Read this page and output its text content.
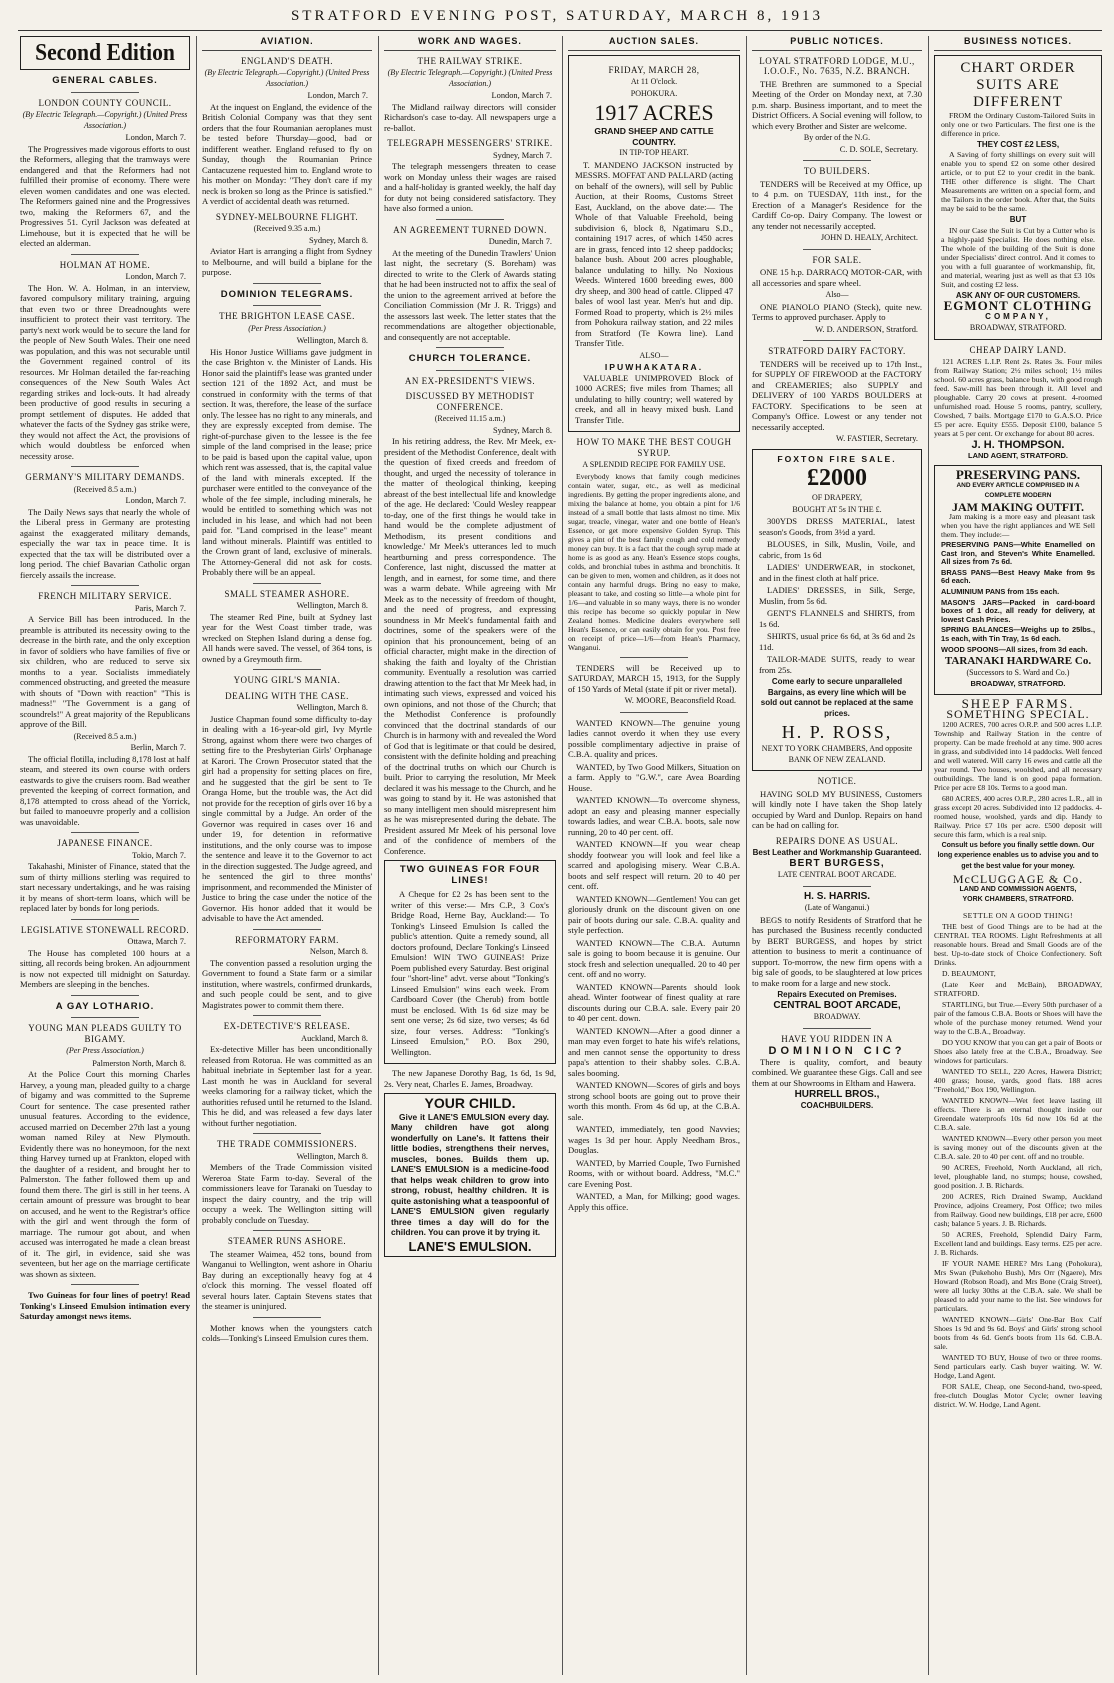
STRATFORD EVENING POST, SATURDAY, MARCH 8, 1913
Second Edition
GENERAL CABLES.
LONDON COUNTY COUNCIL.
(By Electric Telegraph.—Copyright.) (United Press Association.)
London, March 7.

The Progressives made vigorous efforts to oust the Reformers, alleging that the tramways were endangered and that the Reformers had not fulfilled their promise of economy. There were eleven women candidates and one was elected. The Reformers gained nine and the Progressives two, making the Reformers 67, and the Progressives 51. Cyril Jackson was defeated at Limehouse, but it is expected that he will be elected an alderman.

HOLMAN AT HOME.
London, March 7.

The Hon. W. A. Holman, in an interview, favored compulsory military training, arguing that even two or three Dreadnoughts were insufficient to protect their vast territory. The party's next work would be to secure the land for the people of New South Wales. Their one need was population, and this was not securable until the Government regained control of its resources. Mr Holman detailed the far-reaching consequences of the New South Wales Act regarding strikes and lock-outs. It had already been productive of good results in securing a prompt settlement of disputes. He added that whatever the facts of the Sydney gas strike were, they would not affect the Act, the provisions of which would doubtless be enforced when necessity arose.

GERMANY'S MILITARY DEMANDS.
(Received 8.5 a.m.)
London, March 7.

The Daily News says that nearly the whole of the Liberal press in Germany are protesting against the exaggerated military demands, especially the war tax in peace time. It is expected that the tax will be distributed over a long period. The chief Bavarian Catholic organ fiercely assails the increase.

FRENCH MILITARY SERVICE.
Paris, March 7.

A Service Bill has been introduced. In the preamble is attributed its necessity owing to the decrease in the birth rate, and the only exception in favor of soldiers who have families of five or six children, who are reduced to serve six months to a year. Socialists immediately commenced obstructing, and greeted the measure with shouts of "Down with reaction" "This is madness!" "The Government is a gang of scoundrels!" A great majority of the Republicans approve of the Bill.

(Received 8.5 a.m.)
Berlin, March 7.

The official flotilla, including 8,178 lost at half steam, and steered its own course with orders eastwards to give the cruisers room. Bad weather prevented the keeping of correct formation, and 8,178 attempted to cross ahead of the Yorrick, but failed to manoeuvre properly and a collision was unavoidable.

JAPANESE FINANCE.
Tokio, March 7.

Takahashi, Minister of Finance, stated that the sum of thirty millions sterling was required to start necessary undertakings, and he was raising it by means of short-term loans, which will be replaced later by bonds for long periods.

LEGISLATIVE STONEWALL RECORD.
Ottawa, March 7.

The House has completed 100 hours at a sitting, all records being broken. An adjournment is now not expected till midnight on Saturday. Members are sleeping in the benches.

A GAY LOTHARIO.
YOUNG MAN PLEADS GUILTY TO BIGAMY.
(Per Press Association.)
Palmerston North, March 8.

At the Police Court this morning Charles Harvey, a young man, pleaded guilty to a charge of bigamy and was committed to the Supreme Court for sentence. The case presented rather unusual features. According to the evidence, accused married on December 27th last a young woman named Riley at New Plymouth. Evidently there was no honeymoon, for the next thing Harvey turned up at Frankton, eloped with the daughter of a resident, and brought her to Palmerston. The father followed them up and found them there. The girl is still in her teens. A certain amount of pressure was brought to bear on accused, and he went to the Registrar's office with the girl and went through the form of marriage. The rumour got about, and when accused was interrogated he made a clean breast of it. The girl, in evidence, said she was seventeen, but her age on the marriage certificate was shown as sixteen.

Two Guineas for four lines of poetry! Read Tonking's Linseed Emulsion intimation every Saturday amongst news items.

AVIATION.
ENGLAND'S DEATH.
(By Electric Telegraph.—Copyright.) (United Press Association.)
London, March 7.

At the inquest on England, the evidence of the British Colonial Company was that they sent orders that the four Roumanian aeroplanes must be tested before Thursday—good, bad or indifferent weather. England refused to fly on Sunday, though the Roumanian Prince Cantacuzene requested him to. England wrote to his mother on Monday: "They don't care if my neck is broken so long as the Prince is satisfied." A verdict of accidental death was returned.

SYDNEY-MELBOURNE FLIGHT.
(Received 9.35 a.m.)
Sydney, March 8.

Aviator Hart is arranging a flight from Sydney to Melbourne, and will build a biplane for the purpose.

DOMINION TELEGRAMS.
THE BRIGHTON LEASE CASE.
(Per Press Association.)
Wellington, March 8.

His Honor Justice Williams gave judgment in the case Brighton v. the Minister of Lands. His Honor said the plaintiff's lease was granted under section 121 of the 1892 Act, and must be construed in conformity with the terms of that section. It was, therefore, the lease of the surface only. The lessee has no right to any minerals, and they are expressly excepted from demise. The right-of-purchase given to the lessee is the fee simple of the land comprised in the lease; price to be paid is based upon the capital value, upon which rent was assessed, that is, the capital value of the land with minerals excepted. If the purchaser were entitled to the conveyance of the whole of the fee simple, including minerals, he would be entitled to something which was not included in his lease, and which had not been paid for. "Land comprised in the lease" meant land without minerals. Plaintiff was entitled to the Crown grant of land, exclusive of minerals. The Attorney-General did not ask for costs. Probably there will be an appeal.

SMALL STEAMER ASHORE.
Wellington, March 8.

The steamer Red Pine, built at Sydney last year for the West Coast timber trade, was wrecked on Stephen Island during a dense fog. All hands were saved. The vessel, of 364 tons, is owned by a Greymouth firm.

YOUNG GIRL'S MANIA.
DEALING WITH THE CASE.
Wellington, March 8.

Justice Chapman found some difficulty to-day in dealing with a 16-year-old girl, Ivy Myrtle Strong, against whom there were two charges of setting fire to the Presbyterian Girls' Orphanage at Karori. The Crown Prosecutor stated that the girl had a propensity for setting places on fire, and he suggested that the girl be sent to Te Oranga Home, but the trouble was, the Act did not provide for the reception of girls over 16 by a single committal by a Judge. An order of the Governor was required in cases over 16 and under 19, for detention in reformative institutions, and the only course was to impose the sentence and leave it to the Governor to act in the direction suggested. The Judge agreed, and he sentenced the girl to three months' imprisonment, and recommended the Minister of Justice to bring the case under the notice of the Governor. His honor added that it would be advisable to have the Act amended.

REFORMATORY FARM.
Nelson, March 8.

The convention passed a resolution urging the Government to found a State farm or a similar institution, where wastrels, confirmed drunkards, and such people could be sent, and to give Magistrates power to commit them there.

EX-DETECTIVE'S RELEASE.
Auckland, March 8.

Ex-detective Miller has been unconditionally released from Rotorua. He was committed as an habitual inebriate in September last for a year. Last month he was in Auckland for several weeks clamoring for a railway ticket, which the authorities refused until he returned to the Island. This he did, and was released a few days later without further negotiation.

THE TRADE COMMISSIONERS.
Wellington, March 8.

Members of the Trade Commission visited Wereroa State Farm to-day. Several of the commissioners leave for Taranaki on Tuesday to inspect the dairy country, and the trip will occupy a week. The Wellington sitting will probably conclude on Tuesday.

STEAMER RUNS ASHORE.

The steamer Waimea, 452 tons, bound from Wanganui to Wellington, went ashore in Ohariu Bay during an exceptionally heavy fog at 4 o'clock this morning. The vessel floated off several hours later. Captain Stevens states that the steamer is uninjured.

Mother knows when the youngsters catch colds—Tonking's Linseed Emulsion cures them.

WORK AND WAGES.
THE RAILWAY STRIKE.
(By Electric Telegraph.—Copyright.) (United Press Association.)
London, March 7.

The Midland railway directors will consider Richardson's case to-day. All newspapers urge a re-ballot.

TELEGRAPH MESSENGERS' STRIKE.
Sydney, March 7.

The telegraph messengers threaten to cease work on Monday unless their wages are raised and a half-holiday is granted weekly, the half day for duty not being considered satisfactory. They have also formed a union.

AN AGREEMENT TURNED DOWN.
Dunedin, March 7.

At the meeting of the Dunedin Trawlers' Union last night, the secretary (S. Boreham) was directed to write to the Clerk of Awards stating that he had been instructed not to affix the seal of the union to the agreement arrived at before the Conciliation Commission (Mr J. R. Triggs) and the assessors last week. The letter states that the recommendations are altogether objectionable, and consequently are not acceptable.

CHURCH TOLERANCE.
AN EX-PRESIDENT'S VIEWS.
DISCUSSED BY METHODIST CONFERENCE.
(Received 11.15 a.m.)
Sydney, March 8.

In his retiring address, the Rev. Mr Meek, ex-president of the Methodist Conference, dealt with the question of fixed creeds and freedom of thought, and urged the necessity of tolerance in the matter of theological thinking, keeping abreast of the best intellectual life and knowledge of the age. He declared: 'Could Wesley reappear to-day, one of the first things he would take in hand would be the complete adjustment of Methodism, its present conditions and knowledge.' Mr Meek's utterances led to much heartburning and press correspondence. The Conference, last night, discussed the matter at length, and in earnest, for some time, and there was a warm debate. While agreeing with Mr Meek as to the necessity of freedom of thought, and the need of progress, and expressing soundness in Mr Meek's fundamental faith and doctrines, some of the speakers were of the opinion that his pronouncement, being of an official character, might make in the direction of shaking the faith and loyalty of the Christian community. Eventually a resolution was carried drawing attention to the fact that Mr Meek had, in intimating such views, expressed and voiced his own opinions, and not those of the Church; that the Methodist Conference is profoundly convinced that the doctrinal standards of our Church is in harmony with and revealed the Word of God that is legitimate or that could be desired, consistent with the definite holding and preaching of the doctrinal truths on which our Church is built. Prior to carrying the resolution, Mr Meek declared it was his message to the Church, and he was going to stand by it. He was astonished that so many intelligent men should misrepresent him as he was misrepresented during the debate. The President assured Mr Meek of his personal love and of the confidence of members of the Conference.

TWO GUINEAS FOR FOUR LINES!

A Cheque for £2 2s has been sent to the writer of this verse:— Mrs C.P., 3 Cox's Bridge Road, Herne Bay, Auckland:— To Tonking's Linseed Emulsion Is called the public's attention. Quite a remedy sound, all doctors profound, Declare Tonking's Linseed Emulsion! WIN TWO GUINEAS! Prize Poem published every Saturday. Best original four "short-line" advt. verse about "Tonking's Linseed Emulsion" wins each week. From Cardboard Cover (the Cherub) from bottle must be enclosed. With 1s 6d size may be sent one verse; 2s 6d size, two verses; 4s 6d size, four verses. Address: "Tonking's Linseed Emulsion," P.O. Box 290, Wellington.

The new Japanese Dorothy Bag, 1s 6d, 1s 9d, 2s. Very neat, Charles E. James, Broadway.

YOUR CHILD.

Give it LANE'S EMULSION every day. Many children have got along wonderfully on Lane's. It fattens their little bodies, strengthens their nerves, muscles, bones. Builds them up. LANE'S EMULSION is a medicine-food that helps weak children to grow into strong, robust, healthy children. It is quite astonishing what a teaspoonful of LANE'S EMULSION given regularly three times a day will do for the children. You can prove it by trying it.

LANE'S EMULSION.
AUCTION SALES.
FRIDAY, MARCH 28,
At 11 O'clock.
POHOKURA.
1917 ACRES
GRAND SHEEP AND CATTLE COUNTRY.
IN TIP-TOP HEART.

T. MANDENO JACKSON instructed by MESSRS. MOFFAT AND PALLARD (acting on behalf of the owners), will sell by Public Auction, at their Rooms, Customs Street East, Auckland, on the above date:— The Whole of that Valuable Freehold, being subdivision 6, block 8, Ngatimaru S.D., containing 1917 acres, of which 1450 acres are in grass, fenced into 12 sheep paddocks; balance bush. About 200 acres ploughable, balance undulating to hilly. No Noxious Weeds. Wintered 1600 breeding ewes, 800 dry sheep, and 300 head of cattle. Clipped 47 bales of wool last year. Men's hut and dip. Formed Road to property, which is 2½ miles from Pohokura railway station, and 22 miles from Stratford (Te Kowra line). Land Transfer Title.

ALSO—
IPUWHAKATARA.

VALUABLE UNIMPROVED Block of 1000 ACRES; five miles from Thames; all undulating to hilly country; well watered by creek, and all in heavy mixed bush. Land Transfer Title.

HOW TO MAKE THE BEST COUGH SYRUP.
A SPLENDID RECIPE FOR FAMILY USE.

Everybody knows that family cough medicines contain water, sugar, etc., as well as medicinal ingredients. By getting the proper ingredients alone, and mixing the balance at home, you obtain a pint for 1/6 instead of a small bottle that lasts almost no time. Mix sugar, treacle, vinegar, water and one bottle of Hean's Essence, or get more expensive Golden Syrup. This gives a pint of the best family cough and cold remedy money can buy. It is a fact that the cough syrup made at home is as good as any. Hean's Essence stops coughs, colds, and bronchial tubes in asthma and bronchitis. It can be given to men, women and children, as it does not contain any harmful drugs. Bring no easy to make, pleasant to take, and costing so little—a whole pint for 1/6—and valuable in so many ways, there is no wonder this recipe has become so quickly popular in New Zealand homes. Medicine dealers everywhere sell Hean's Essence, or can easily obtain for you. Post free on receipt of price—1/6—from Hean's Pharmacy, Wanganui.

TENDERS will be Received up to SATURDAY, MARCH 15, 1913, for the Supply of 150 Yards of Metal (state if pit or river metal).

W. MOORE, Beaconsfield Road.

WANTED KNOWN—The genuine young ladies cannot overdo it when they use every possible complimentary adjective in praise of C.B.A. quality and prices.

WANTED, by Two Good Milkers, Situation on a farm. Apply to "G.W.", care Avea Boarding House.

WANTED KNOWN—To overcome shyness, adopt an easy and pleasing manner especially towards ladies, and wear C.B.A. boots, sale now running, 20 to 40 per cent. off.

WANTED KNOWN—If you wear cheap shoddy footwear you will look and feel like a scarred and apologising misery. Wear C.B.A. boots and self respect will return. 20 to 40 per cent. off.

WANTED KNOWN—Gentlemen! You can get gloriously drunk on the discount given on one pair of boots during our sale. C.B.A. quality and style perfection.

WANTED KNOWN—The C.B.A. Autumn sale is going to boom because it is genuine. Our stock fresh and selection unequalled. 20 to 40 per cent. off and no worry.

WANTED KNOWN—Parents should look ahead. Winter footwear of finest quality at rare discounts during our C.B.A. sale. Every pair 20 to 40 per cent. down.

WANTED KNOWN—After a good dinner a man may even forget to hate his wife's relations, and men cannot sense the opportunity to dress papa's attention to their shabby soles. C.B.A. sales booming.

WANTED KNOWN—Scores of girls and boys strong school boots are going out to prove their worth this month. From 4s 6d up, at the C.B.A. sale.

WANTED, immediately, ten good Navvies; wages 1s 3d per hour. Apply Needham Bros., Douglas.

WANTED, by Married Couple, Two Furnished Rooms, with or without board. Address, "M.C." care Evening Post.

WANTED, a Man, for Milking; good wages. Apply this office.

PUBLIC NOTICES.
LOYAL STRATFORD LODGE, M.U., I.O.O.F., No. 7635, N.Z. BRANCH.

THE Brethren are summoned to a Special Meeting of the Order on Monday next, at 7.30 p.m. sharp. Business important, and to meet the District Officers. A Social evening will follow, to which every Brother and Sister are welcome.

By order of the N.G.
C. D. SOLE, Secretary.
TO BUILDERS.

TENDERS will be Received at my Office, up to 4 p.m. on TUESDAY, 11th inst., for the Erection of a Manager's Residence for the Cardiff Co-op. Dairy Company. The lowest or any tender not necessarily accepted.

JOHN D. HEALY, Architect.
FOR SALE.

ONE 15 h.p. DARRACQ MOTOR-CAR, with all accessories and spare wheel.

Also—

ONE PIANOLO PIANO (Steck), quite new. Terms to approved purchaser. Apply to

W. D. ANDERSON, Stratford.
STRATFORD DAIRY FACTORY.

TENDERS will be received up to 17th Inst., for SUPPLY OF FIREWOOD at the FACTORY and CREAMERIES; also SUPPLY and DELIVERY of 100 YARDS BOULDERS at FACTORY. Specifications to be seen at Company's Office. Lowest or any tender not necessarily accepted.

W. FASTIER, Secretary.
FOXTON FIRE SALE.
£2000
OF DRAPERY,
BOUGHT AT 5s IN THE £.

300YDS DRESS MATERIAL, latest season's Goods, from 3½d a yard.

BLOUSES, in Silk, Muslin, Voile, and cabric, from 1s 6d

LADIES' UNDERWEAR, in stockonet, and in the finest cloth at half price.

LADIES' DRESSES, in Silk, Serge, Muslin, from 5s 6d.

GENT'S FLANNELS and SHIRTS, from 1s 6d.

SHIRTS, usual price 6s 6d, at 3s 6d and 2s 11d.

TAILOR-MADE SUITS, ready to wear from 25s.

Come early to secure unparalleled Bargains, as every line which will be sold out cannot be replaced at the same prices.

H. P. ROSS,
NEXT TO YORK CHAMBERS, And opposite BANK OF NEW ZEALAND.
NOTICE.

HAVING SOLD MY BUSINESS, Customers will kindly note I have taken the Shop lately occupied by Ward and Dunlop. Repairs on hand can be had on calling for.

REPAIRS DONE AS USUAL.
Best Leather and Workmanship Guaranteed.
BERT BURGESS,
LATE CENTRAL BOOT ARCADE.
H. S. HARRIS.
(Late of Wanganui.)

BEGS to notify Residents of Stratford that he has purchased the Business recently conducted by BERT BURGESS, and hopes by strict attention to business to merit a continuance of support. To-morrow, the new firm opens with a big sale of goods, to be slaughtered at low prices to make room for a large and new stock.

Repairs Executed on Premises.
CENTRAL BOOT ARCADE,
BROADWAY.
HAVE YOU RIDDEN IN A
DOMINION CIC?

There is quality, comfort, and beauty combined. We guarantee these Gigs. Call and see them at our Showrooms in Eltham and Hawera.

HURRELL BROS.,
COACHBUILDERS.
BUSINESS NOTICES.
CHART ORDER SUITS ARE DIFFERENT

FROM the Ordinary Custom-Tailored Suits in only one or two Particulars. The first one is the difference in price.

THEY COST £2 LESS,

A Saving of forty shillings on every suit will enable you to spend £2 on some other desired article, or to put £2 to your credit in the bank. THE other difference is slight. The Chart Measurements are written on a special form, and the Tailors in the order book. After that, the Suits may be said to be the same.

BUT

IN our Case the Suit is Cut by a Cutter who is a highly-paid Specialist. He does nothing else. The whole of the building of the Suit is done under Specialists' direct control. And it comes to you with a full guarantee of workmanship, fit, and material, wearing just as well as that £3 10s Suit, and costing £2 less.

ASK ANY OF OUR CUSTOMERS.
EGMONT CLOTHING
COMPANY,
BROADWAY, STRATFORD.
CHEAP DAIRY LAND.

121 ACRES L.I.P. Rent 2s. Rates 3s. Four miles from Railway Station; 2½ miles school; 1½ miles school. 60 acres grass, balance bush, with good rough feed. Saw-mill has been through it. All level and ploughable. Carry 20 cows at present. 4-roomed unfurnished road. House 5 rooms, pantry, scullery, Cowshed, 7 bails. Mortgage £170 to G.A.S.O. Price £5 per acre. Equity £555. Deposit £100, balance 5 years at 5 per cent. Or exchange for about 80 acres.

J. H. THOMPSON.
LAND AGENT, STRATFORD.
PRESERVING PANS.
AND EVERY ARTICLE COMPRISED IN A COMPLETE MODERN
JAM MAKING OUTFIT.

Jam making is a more easy and pleasant task when you have the right appliances and WE Sell them. They include:—

PRESERVING PANS—White Enamelled on Cast Iron, and Steven's White Enamelled. All sizes from 7s 6d.

BRASS PANS—Best Heavy Make from 9s 6d each.

ALUMINIUM PANS from 15s each.

MASON'S JARS—Packed in card-board boxes of 1 doz., all ready for delivery, at lowest Cash Prices.

SPRING BALANCES—Weighs up to 25lbs., 1s each, with Tin Tray, 1s 6d each.

WOOD SPOONS—All sizes, from 3d each.

TARANAKI HARDWARE Co.
(Successors to S. Ward and Co.)
BROADWAY, STRATFORD.
SHEEP FARMS.
SOMETHING SPECIAL.

1200 ACRES, 700 acres O.R.P. and 500 acres L.I.P. Township and Railway Station in the centre of property. Can be made freehold at any time. 900 acres in grass, and subdivided into 14 paddocks. Well fenced and well watered. Will carry 16 ewes and cattle all the year round. Two houses, woolshed, and all necessary outbuildings. The land is on good papa formation. Price per acre £8 10s. Terms to a good man.

680 ACRES, 400 acres O.R.P., 280 acres L.R., all in grass except 20 acres. Subdivided into 12 paddocks. 4-roomed house, woolshed, yards and dip. Handy to Railway. Price £7 10s per acre. £500 deposit will secure this farm, which is a real snip.

Consult us before you finally settle down. Our long experience enables us to advise you and to get the best value for your money.

McCLUGGAGE & Co.
LAND AND COMMISSION AGENTS,
YORK CHAMBERS, STRATFORD.
SETTLE ON A GOOD THING!

THE best of Good Things are to be had at the CENTRAL TEA ROOMS. Light Refreshments at all reasonable hours. Bread and Small Goods are of the best. Up-to-date stock of Choice Confectionery. Soft Drinks.

D. BEAUMONT,

(Late Keer and McBain), BROADWAY, STRATFORD.

STARTLING, but True.—Every 50th purchaser of a pair of the famous C.B.A. Boots or Shoes will have the whole of the purchase money returned. Wend your way to the C.B.A., Broadway.

DO YOU KNOW that you can get a pair of Boots or Shoes also lately free at the C.B.A., Broadway. See windows for particulars.

WANTED TO SELL, 220 Acres, Hawera District; 400 grass; house, yards, good flats. 188 acres "Freehold," Box 190, Wellington.

WANTED KNOWN—Wet feet leave lasting ill effects. There is an eternal thought inside our Greendale waterproofs 10s 6d now 10s 6d at the C.B.A. sale.

WANTED KNOWN—Every other person you meet is saving money out of the discounts given at the C.B.A. sale. 20 to 40 per cent. off and no trouble.

90 ACRES, Freehold, North Auckland, all rich, level, ploughable land, no stumps; house, cowshed, good position. J. B. Richards.

200 ACRES, Rich Drained Swamp, Auckland Province, adjoins Creamery, Post Office; two miles from Railway. Good new buildings, £18 per acre, £600 cash; balance 5 years. J. B. Richards.

50 ACRES, Freehold, Splendid Dairy Farm, Excellent land and buildings. Easy terms. £25 per acre. J. B. Richards.

IF YOUR NAME HERE? Mrs Lang (Pohokura), Mrs Swan (Pukehoho Bush), Mrs Orr (Ngaere), Mrs Howard (Robson Road), and Mrs Bone (Craig Street), were all lucky 30ths at the C.B.A. sale. We shall be pleased to add your name to the list. See windows for particulars.

WANTED KNOWN—Girls' One-Bar Box Calf Shoes 1s 9d and 9s 6d. Boys' and Girls' strong school boots from 4s 6d. Gent's boots from 11s 6d. C.B.A. sale.

WANTED TO BUY, House of two or three rooms. Send particulars early. Cash buyer waiting. W. W. Hodge, Land Agent.

FOR SALE, Cheap, one Second-hand, two-speed, free-clutch Douglas Motor Cycle; owner leaving district. W. W. Hodge, Land Agent.
